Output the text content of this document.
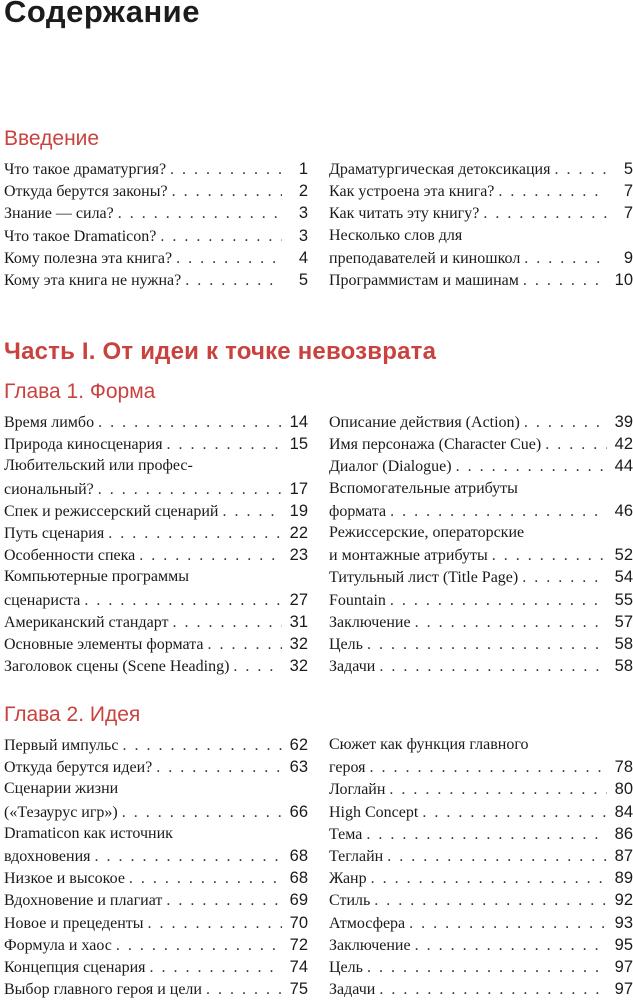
Содержание
Введение
Что такое драматургия? . . .	1
Откуда берутся законы? . . .	2
Знание — сила? . . .	3
Что такое Dramaticon? . . .	3
Кому полезна эта книга? . . .	4
Кому эта книга не нужна? . . .	5
Драматургическая детоксикация . . .	5
Как устроена эта книга? . . .	7
Как читать эту книгу? . . .	7
Несколько слов для
преподавателей и киношкол . . .	9
Программистам и машинам . . .	10
Часть I. От идеи к точке невозврата
Глава 1. Форма
Время лимбо . . .	14
Природа киносценария . . .	15
Любительский или профес-
сиональный? . . .	17
Спек и режиссерский сценарий . . .	19
Путь сценария . . .	22
Особенности спека . . .	23
Компьютерные программы
сценариста . . .	27
Американский стандарт . . .	31
Основные элементы формата . . .	32
Заголовок сцены (Scene Heading) . . .	32
Описание действия (Action) . . .	39
Имя персонажа (Character Cue) . . .	42
Диалог (Dialogue) . . .	44
Вспомогательные атрибуты
формата . . .	46
Режиссерские, операторские
и монтажные атрибуты . . .	52
Титульный лист (Title Page) . . .	54
Fountain . . .	55
Заключение . . .	57
Цель . . .	58
Задачи . . .	58
Глава 2. Идея
Первый импульс . . .	62
Откуда берутся идеи? . . .	63
Сценарии жизни
(«Тезаурус игр») . . .	66
Dramaticon как источник
вдохновения . . .	68
Низкое и высокое . . .	68
Вдохновение и плагиат . . .	69
Новое и прецеденты . . .	70
Формула и хаос . . .	72
Концепция сценария . . .	74
Выбор главного героя и цели . . .	75
Сюжет как функция главного
героя . . .	78
Логлайн . . .	80
High Concept . . .	84
Тема . . .	86
Теглайн . . .	87
Жанр . . .	89
Стиль . . .	92
Атмосфера . . .	93
Заключение . . .	95
Цель . . .	97
Задачи . . .	97
